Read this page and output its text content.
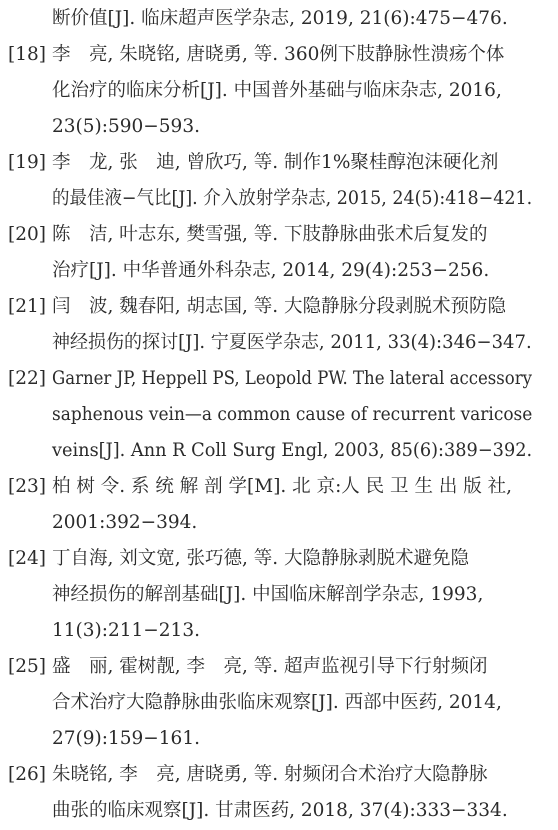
断价值[J]. 临床超声医学杂志, 2019, 21(6):475−476.
[18] 李　亮, 朱晓铭, 唐晓勇, 等. 360例下肢静脉性溃疡个体
化治疗的临床分析[J]. 中国普外基础与临床杂志, 2016,
23(5):590−593.
[19] 李　龙, 张　迪, 曾欣巧, 等. 制作1%聚桂醇泡沫硬化剂
的最佳液−气比[J]. 介入放射学杂志, 2015, 24(5):418−421.
[20] 陈　洁, 叶志东, 樊雪强, 等. 下肢静脉曲张术后复发的
治疗[J]. 中华普通外科杂志, 2014, 29(4):253−256.
[21] 闫　波, 魏春阳, 胡志国, 等. 大隐静脉分段剥脱术预防隐
神经损伤的探讨[J]. 宁夏医学杂志, 2011, 33(4):346−347.
[22] Garner JP, Heppell PS, Leopold PW. The lateral accessory
saphenous vein—a common cause of recurrent varicose
veins[J]. Ann R Coll Surg Engl, 2003, 85(6):389−392.
[23] 柏 树 令. 系 统 解 剖 学[M]. 北 京:人 民 卫 生 出 版 社,
2001:392−394.
[24] 丁自海, 刘文宽, 张巧德, 等. 大隐静脉剥脱术避免隐
神经损伤的解剖基础[J]. 中国临床解剖学杂志, 1993,
11(3):211−213.
[25] 盛　丽, 霍树靓, 李　亮, 等. 超声监视引导下行射频闭
合术治疗大隐静脉曲张临床观察[J]. 西部中医药, 2014,
27(9):159−161.
[26] 朱晓铭, 李　亮, 唐晓勇, 等. 射频闭合术治疗大隐静脉
曲张的临床观察[J]. 甘肃医药, 2018, 37(4):333−334.
